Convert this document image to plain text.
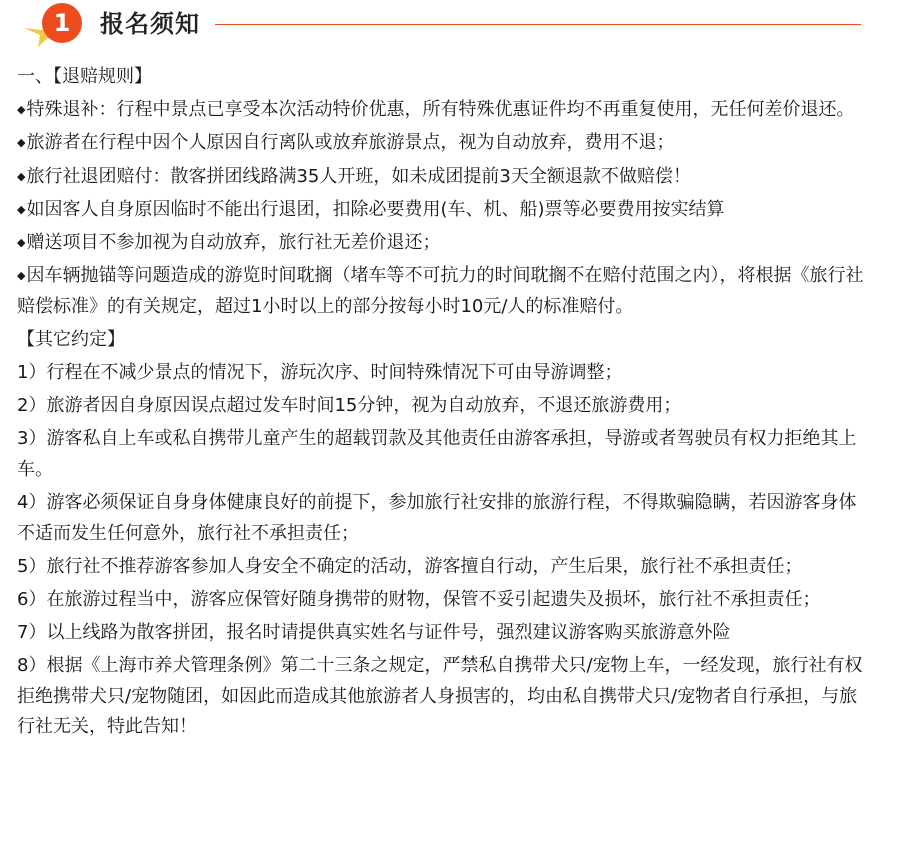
1	报名须知

一、【退赔规则】

◆ 特殊退补：行程中景点已享受本次活动特价优惠，所有特殊优惠证件均不再重复使用，无任何差价退还。

◆ 旅游者在行程中因个人原因自行离队或放弃旅游景点，视为自动放弃，费用不退；

◆ 旅行社退团赔付：散客拼团线路满35人开班，如未成团提前3天全额退款不做赔偿！

◆ 如因客人自身原因临时不能出行退团，扣除必要费用(车、机、船)票等必要费用按实结算

◆ 赠送项目不参加视为自动放弃，旅行社无差价退还；

◆ 因车辆抛锚等问题造成的游览时间耽搁（堵车等不可抗力的时间耽搁不在赔付范围之内），将根据《旅行社赔偿标准》的有关规定，超过1小时以上的部分按每小时10元/人的标准赔付。

【其它约定】

1）行程在不减少景点的情况下，游玩次序、时间特殊情况下可由导游调整；

2）旅游者因自身原因误点超过发车时间15分钟，视为自动放弃，不退还旅游费用；

3）游客私自上车或私自携带儿童产生的超载罚款及其他责任由游客承担，导游或者驾驶员有权力拒绝其上车。

4）游客必须保证自身身体健康良好的前提下，参加旅行社安排的旅游行程，不得欺骗隐瞒，若因游客身体不适而发生任何意外，旅行社不承担责任；

5）旅行社不推荐游客参加人身安全不确定的活动，游客擅自行动，产生后果，旅行社不承担责任；

6）在旅游过程当中，游客应保管好随身携带的财物，保管不妥引起遗失及损坏，旅行社不承担责任；

7）以上线路为散客拼团，报名时请提供真实姓名与证件号，强烈建议游客购买旅游意外险

8）根据《上海市养犬管理条例》第二十三条之规定，严禁私自携带犬只/宠物上车，一经发现，旅行社有权拒绝携带犬只/宠物随团，如因此而造成其他旅游者人身损害的，均由私自携带犬只/宠物者自行承担，与旅行社无关，特此告知！
